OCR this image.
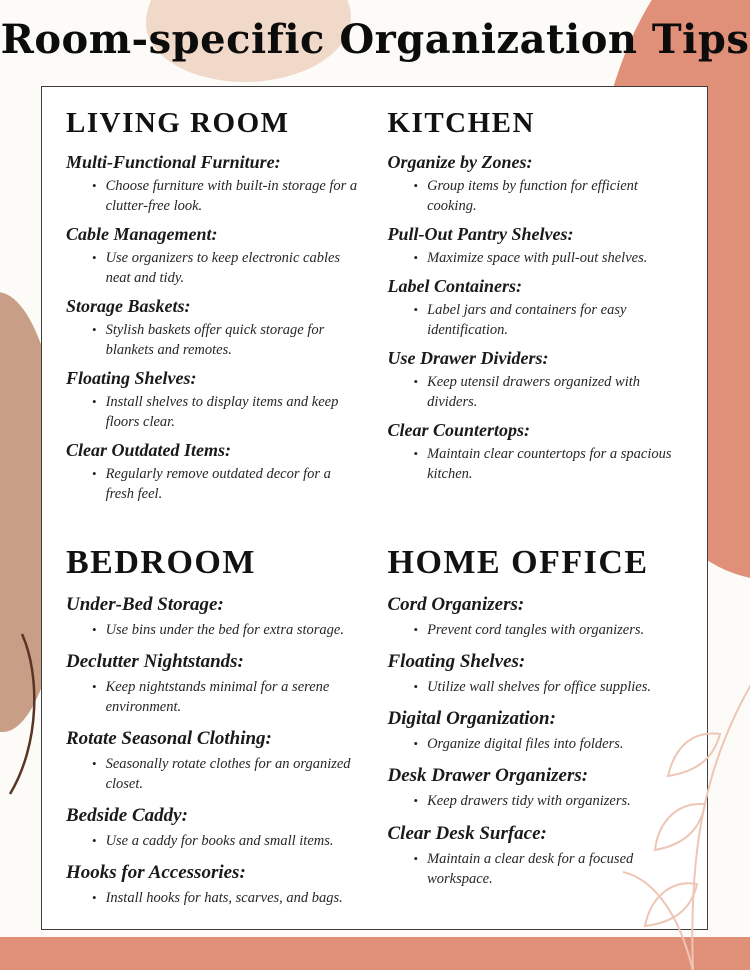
Room-specific Organization Tips
LIVING ROOM
Multi-Functional Furniture:
• Choose furniture with built-in storage for a clutter-free look.
Cable Management:
• Use organizers to keep electronic cables neat and tidy.
Storage Baskets:
• Stylish baskets offer quick storage for blankets and remotes.
Floating Shelves:
• Install shelves to display items and keep floors clear.
Clear Outdated Items:
• Regularly remove outdated decor for a fresh feel.
KITCHEN
Organize by Zones:
• Group items by function for efficient cooking.
Pull-Out Pantry Shelves:
• Maximize space with pull-out shelves.
Label Containers:
• Label jars and containers for easy identification.
Use Drawer Dividers:
• Keep utensil drawers organized with dividers.
Clear Countertops:
• Maintain clear countertops for a spacious kitchen.
BEDROOM
Under-Bed Storage:
• Use bins under the bed for extra storage.
Declutter Nightstands:
• Keep nightstands minimal for a serene environment.
Rotate Seasonal Clothing:
• Seasonally rotate clothes for an organized closet.
Bedside Caddy:
• Use a caddy for books and small items.
Hooks for Accessories:
• Install hooks for hats, scarves, and bags.
HOME OFFICE
Cord Organizers:
• Prevent cord tangles with organizers.
Floating Shelves:
• Utilize wall shelves for office supplies.
Digital Organization:
• Organize digital files into folders.
Desk Drawer Organizers:
• Keep drawers tidy with organizers.
Clear Desk Surface:
• Maintain a clear desk for a focused workspace.
